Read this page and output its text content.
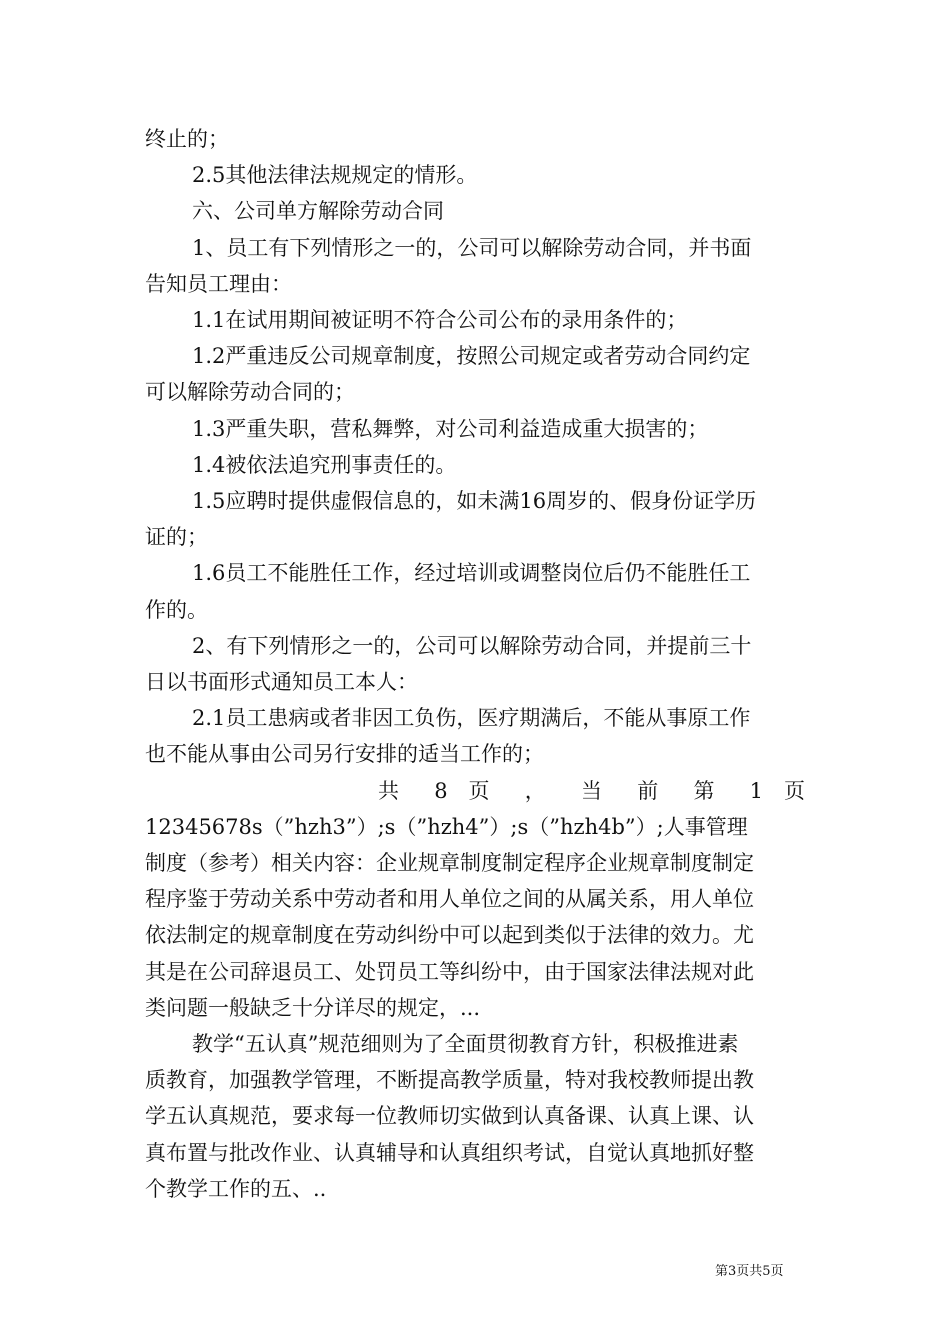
终止的；
2.5其他法律法规规定的情形。
六、公司单方解除劳动合同
1、员工有下列情形之一的，公司可以解除劳动合同，并书面
告知员工理由：
1.1在试用期间被证明不符合公司公布的录用条件的；
1.2严重违反公司规章制度，按照公司规定或者劳动合同约定
可以解除劳动合同的；
1.3严重失职，营私舞弊，对公司利益造成重大损害的；
1.4被依法追究刑事责任的。
1.5应聘时提供虚假信息的，如未满16周岁的、假身份证学历
证的；
1.6员工不能胜任工作，经过培训或调整岗位后仍不能胜任工
作的。
2、有下列情形之一的，公司可以解除劳动合同，并提前三十
日以书面形式通知员工本人：
2.1员工患病或者非因工负伤，医疗期满后，不能从事原工作
也不能从事由公司另行安排的适当工作的；
共 8 页 ， 当 前 第 1 页
12345678s（”hzh3”）;s（”hzh4”）;s（”hzh4b”）;人事管理
制度（参考）相关内容：企业规章制度制定程序企业规章制度制定
程序鉴于劳动关系中劳动者和用人单位之间的从属关系，用人单位
依法制定的规章制度在劳动纠纷中可以起到类似于法律的效力。尤
其是在公司辞退员工、处罚员工等纠纷中，由于国家法律法规对此
类问题一般缺乏十分详尽的规定，...
教学“五认真”规范细则为了全面贯彻教育方针，积极推进素
质教育，加强教学管理，不断提高教学质量，特对我校教师提出教
学五认真规范，要求每一位教师切实做到认真备课、认真上课、认
真布置与批改作业、认真辅导和认真组织考试，自觉认真地抓好整
个教学工作的五、..
第3页共5页
